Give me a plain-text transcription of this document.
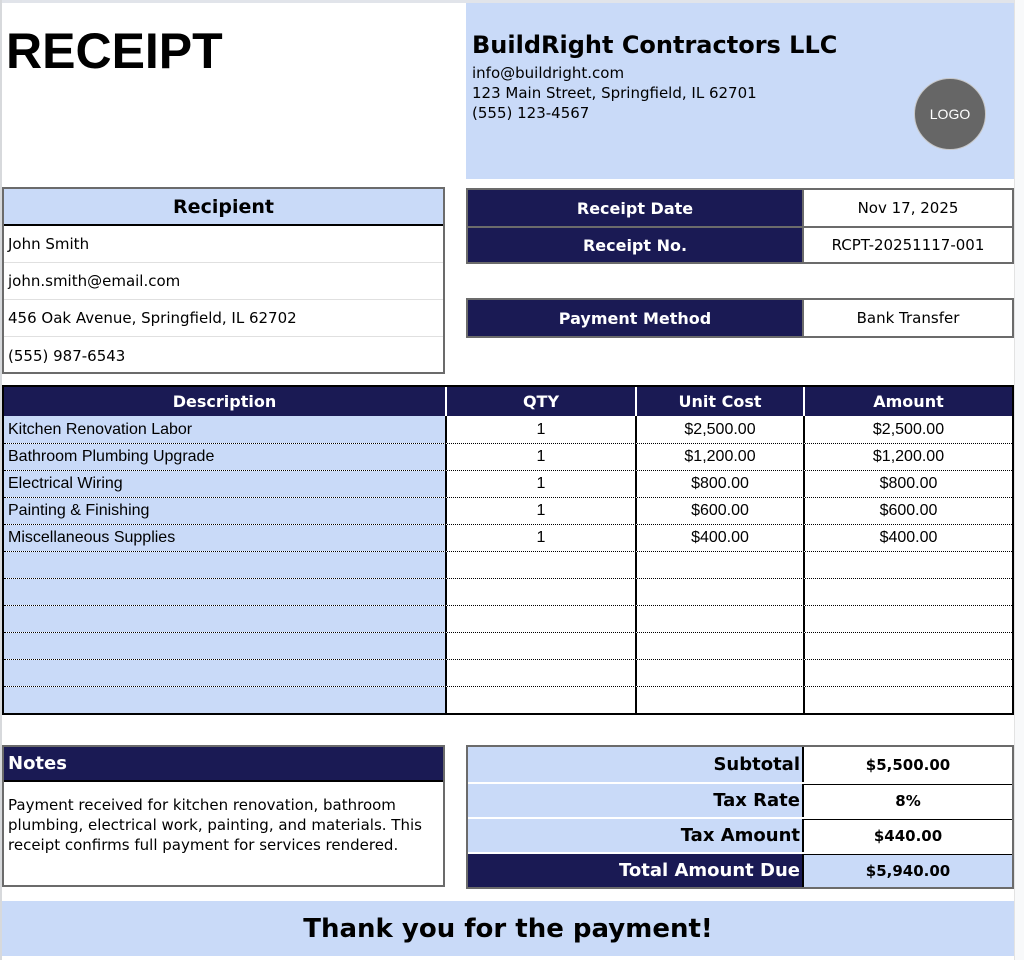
RECEIPT	BuildRight Contractors LLC
info@buildright.com
123 Main Street, Springfield, IL 62701
(555) 123-4567	LOGO
Recipient
John Smith
john.smith@email.com
456 Oak Avenue, Springfield, IL 62702
(555) 987-6543
Receipt Date	Nov 17, 2025
Receipt No.	RCPT-20251117-001
Payment Method	Bank Transfer
Description	QTY	Unit Cost	Amount
Kitchen Renovation Labor	1	$2,500.00	$2,500.00
Bathroom Plumbing Upgrade	1	$1,200.00	$1,200.00
Electrical Wiring	1	$800.00	$800.00
Painting & Finishing	1	$600.00	$600.00
Miscellaneous Supplies	1	$400.00	$400.00
Notes
Payment received for kitchen renovation, bathroom plumbing, electrical work, painting, and materials. This receipt confirms full payment for services rendered.
Subtotal	$5,500.00
Tax Rate	8%
Tax Amount	$440.00
Total Amount Due	$5,940.00
Thank you for the payment!
